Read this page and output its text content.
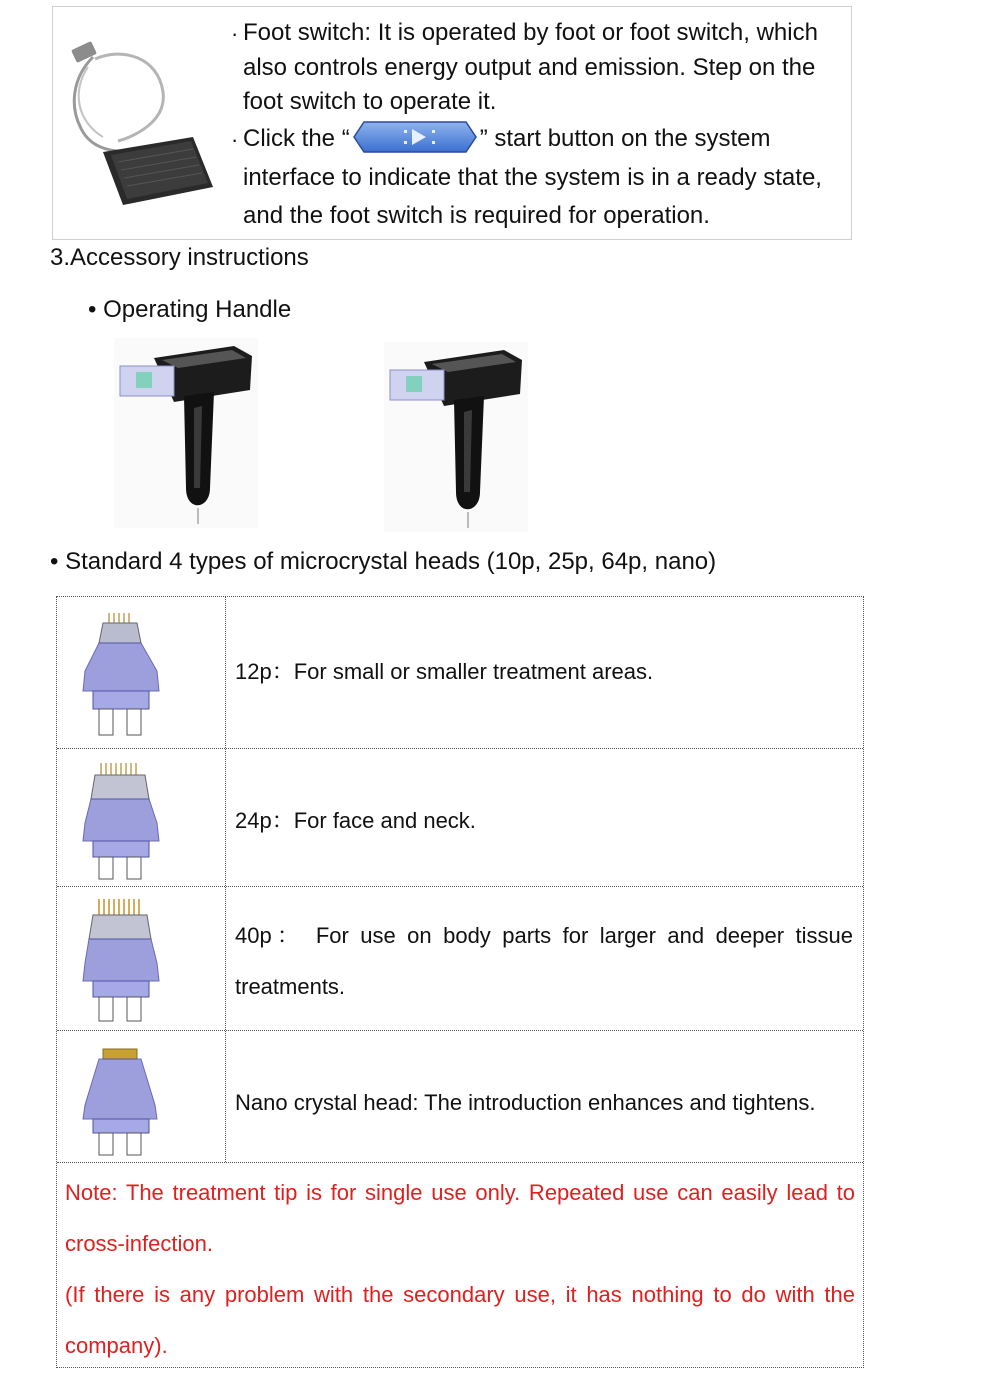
· Foot switch: It is operated by foot or foot switch, which
also controls energy output and emission. Step on the
foot switch to operate it.
· Click the “	” start button on the system
interface to indicate that the system is in a ready state,
and the foot switch is required for operation.
3.Accessory instructions
• Operating Handle
• Standard 4 types of microcrystal heads (10p, 25p, 64p, nano)
12p：For small or smaller treatment areas.
24p：For face and neck.
40p： For use on body parts for larger and deeper tissue treatments.
Nano crystal head: The introduction enhances and tightens.
Note: The treatment tip is for single use only. Repeated use can easily lead to cross-infection.
(If there is any problem with the secondary use, it has nothing to do with the company).
